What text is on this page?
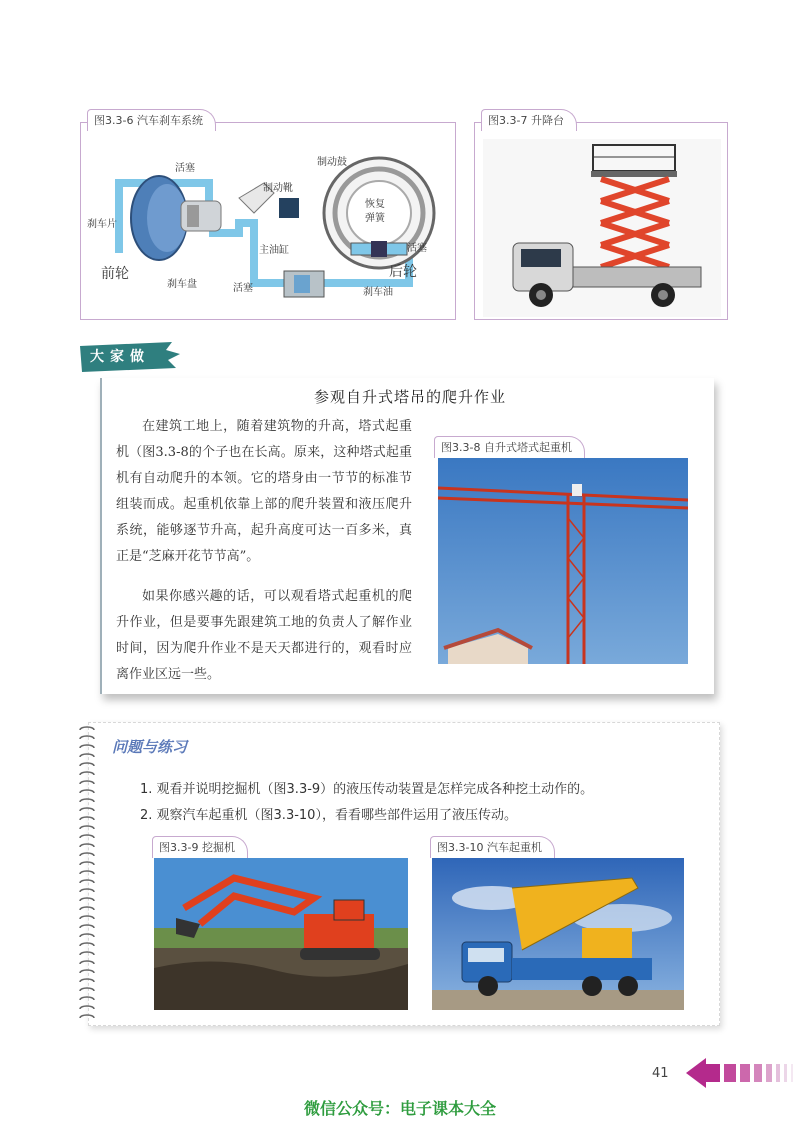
图3.3-6 汽车刹车系统
活塞
刹车片
前轮
刹车盘
制动靴
主油缸
活塞
制动鼓
恢复
弹簧
活塞
后轮
刹车油
图3.3-7 升降台
大家做
参观自升式塔吊的爬升作业

在建筑工地上，随着建筑物的升高，塔式起重机（图3.3-8的个子也在长高。原来，这种塔式起重机有自动爬升的本领。它的塔身由一节节的标准节组装而成。起重机依靠上部的爬升装置和液压爬升系统，能够逐节升高，起升高度可达一百多米，真正是“芝麻开花节节高”。

如果你感兴趣的话，可以观看塔式起重机的爬升作业，但是要事先跟建筑工地的负责人了解作业时间，因为爬升作业不是天天都进行的，观看时应离作业区远一些。

图3.3-8 自升式塔式起重机
问题与练习
1. 观看并说明挖掘机（图3.3-9）的液压传动装置是怎样完成各种挖土动作的。
2. 观察汽车起重机（图3.3-10），看看哪些部件运用了液压传动。
图3.3-9 挖掘机	图3.3-10 汽车起重机
41
微信公众号：电子课本大全
